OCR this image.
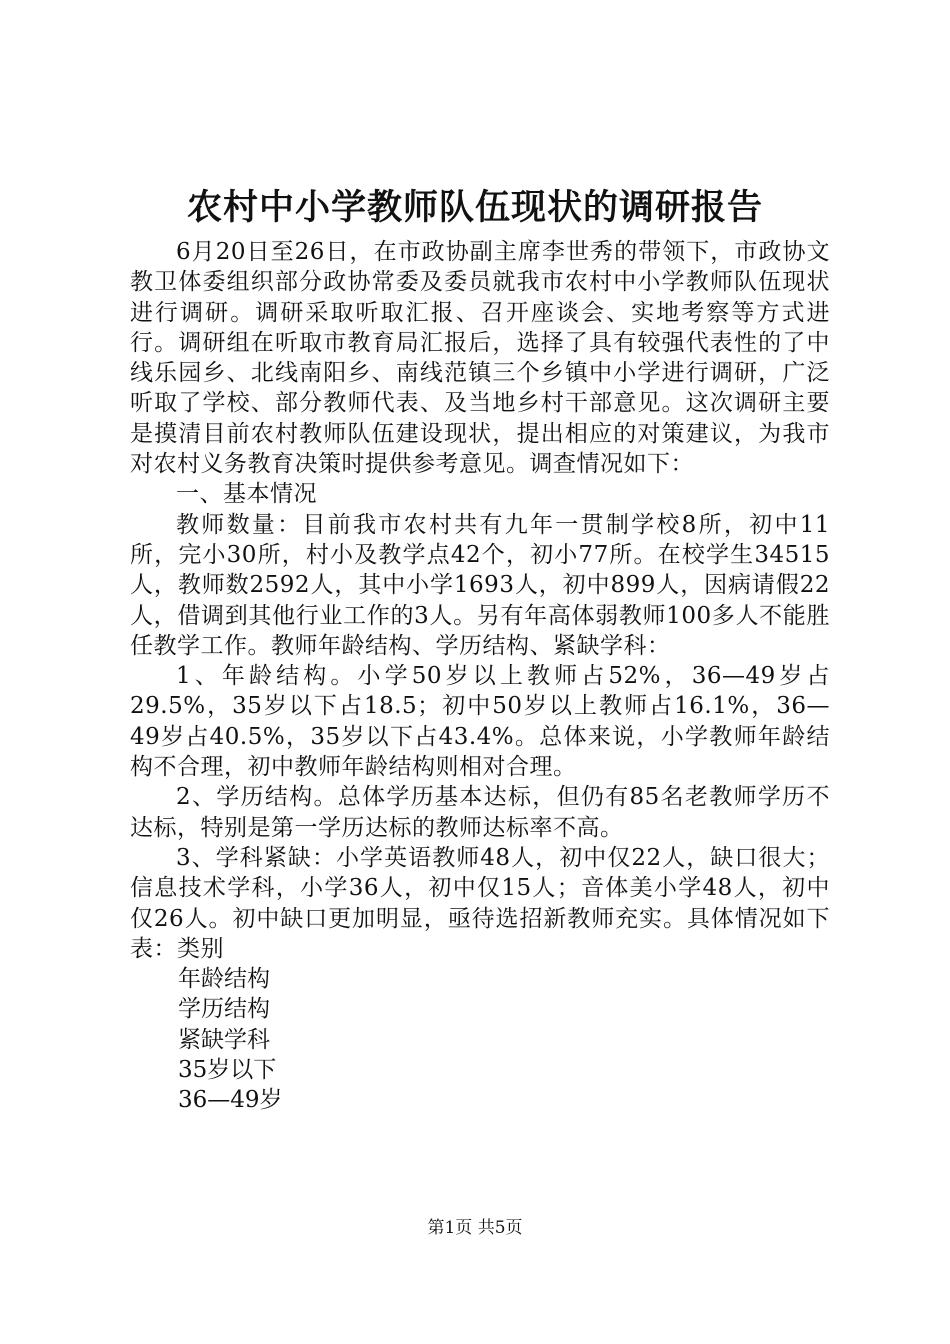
农村中小学教师队伍现状的调研报告

6月20日至26日，在市政协副主席李世秀的带领下，市政协文教卫体委组织部分政协常委及委员就我市农村中小学教师队伍现状进行调研。调研采取听取汇报、召开座谈会、实地考察等方式进行。调研组在听取市教育局汇报后，选择了具有较强代表性的了中线乐园乡、北线南阳乡、南线范镇三个乡镇中小学进行调研，广泛听取了学校、部分教师代表、及当地乡村干部意见。这次调研主要是摸清目前农村教师队伍建设现状，提出相应的对策建议，为我市对农村义务教育决策时提供参考意见。调查情况如下：

一、基本情况

教师数量：目前我市农村共有九年一贯制学校8所，初中11所，完小30所，村小及教学点42个，初小77所。在校学生34515人，教师数2592人，其中小学1693人，初中899人，因病请假22人，借调到其他行业工作的3人。另有年高体弱教师100多人不能胜任教学工作。教师年龄结构、学历结构、紧缺学科：

1、年龄结构。小学50岁以上教师占52%，36—49岁占29.5%，35岁以下占18.5；初中50岁以上教师占16.1%，36—49岁占40.5%，35岁以下占43.4%。总体来说，小学教师年龄结构不合理，初中教师年龄结构则相对合理。

2、学历结构。总体学历基本达标，但仍有85名老教师学历不达标，特别是第一学历达标的教师达标率不高。

3、学科紧缺：小学英语教师48人，初中仅22人，缺口很大；信息技术学科，小学36人，初中仅15人；音体美小学48人，初中仅26人。初中缺口更加明显，亟待选招新教师充实。具体情况如下表：类别

年龄结构

学历结构

紧缺学科

35岁以下

36—49岁

第1页 共5页
